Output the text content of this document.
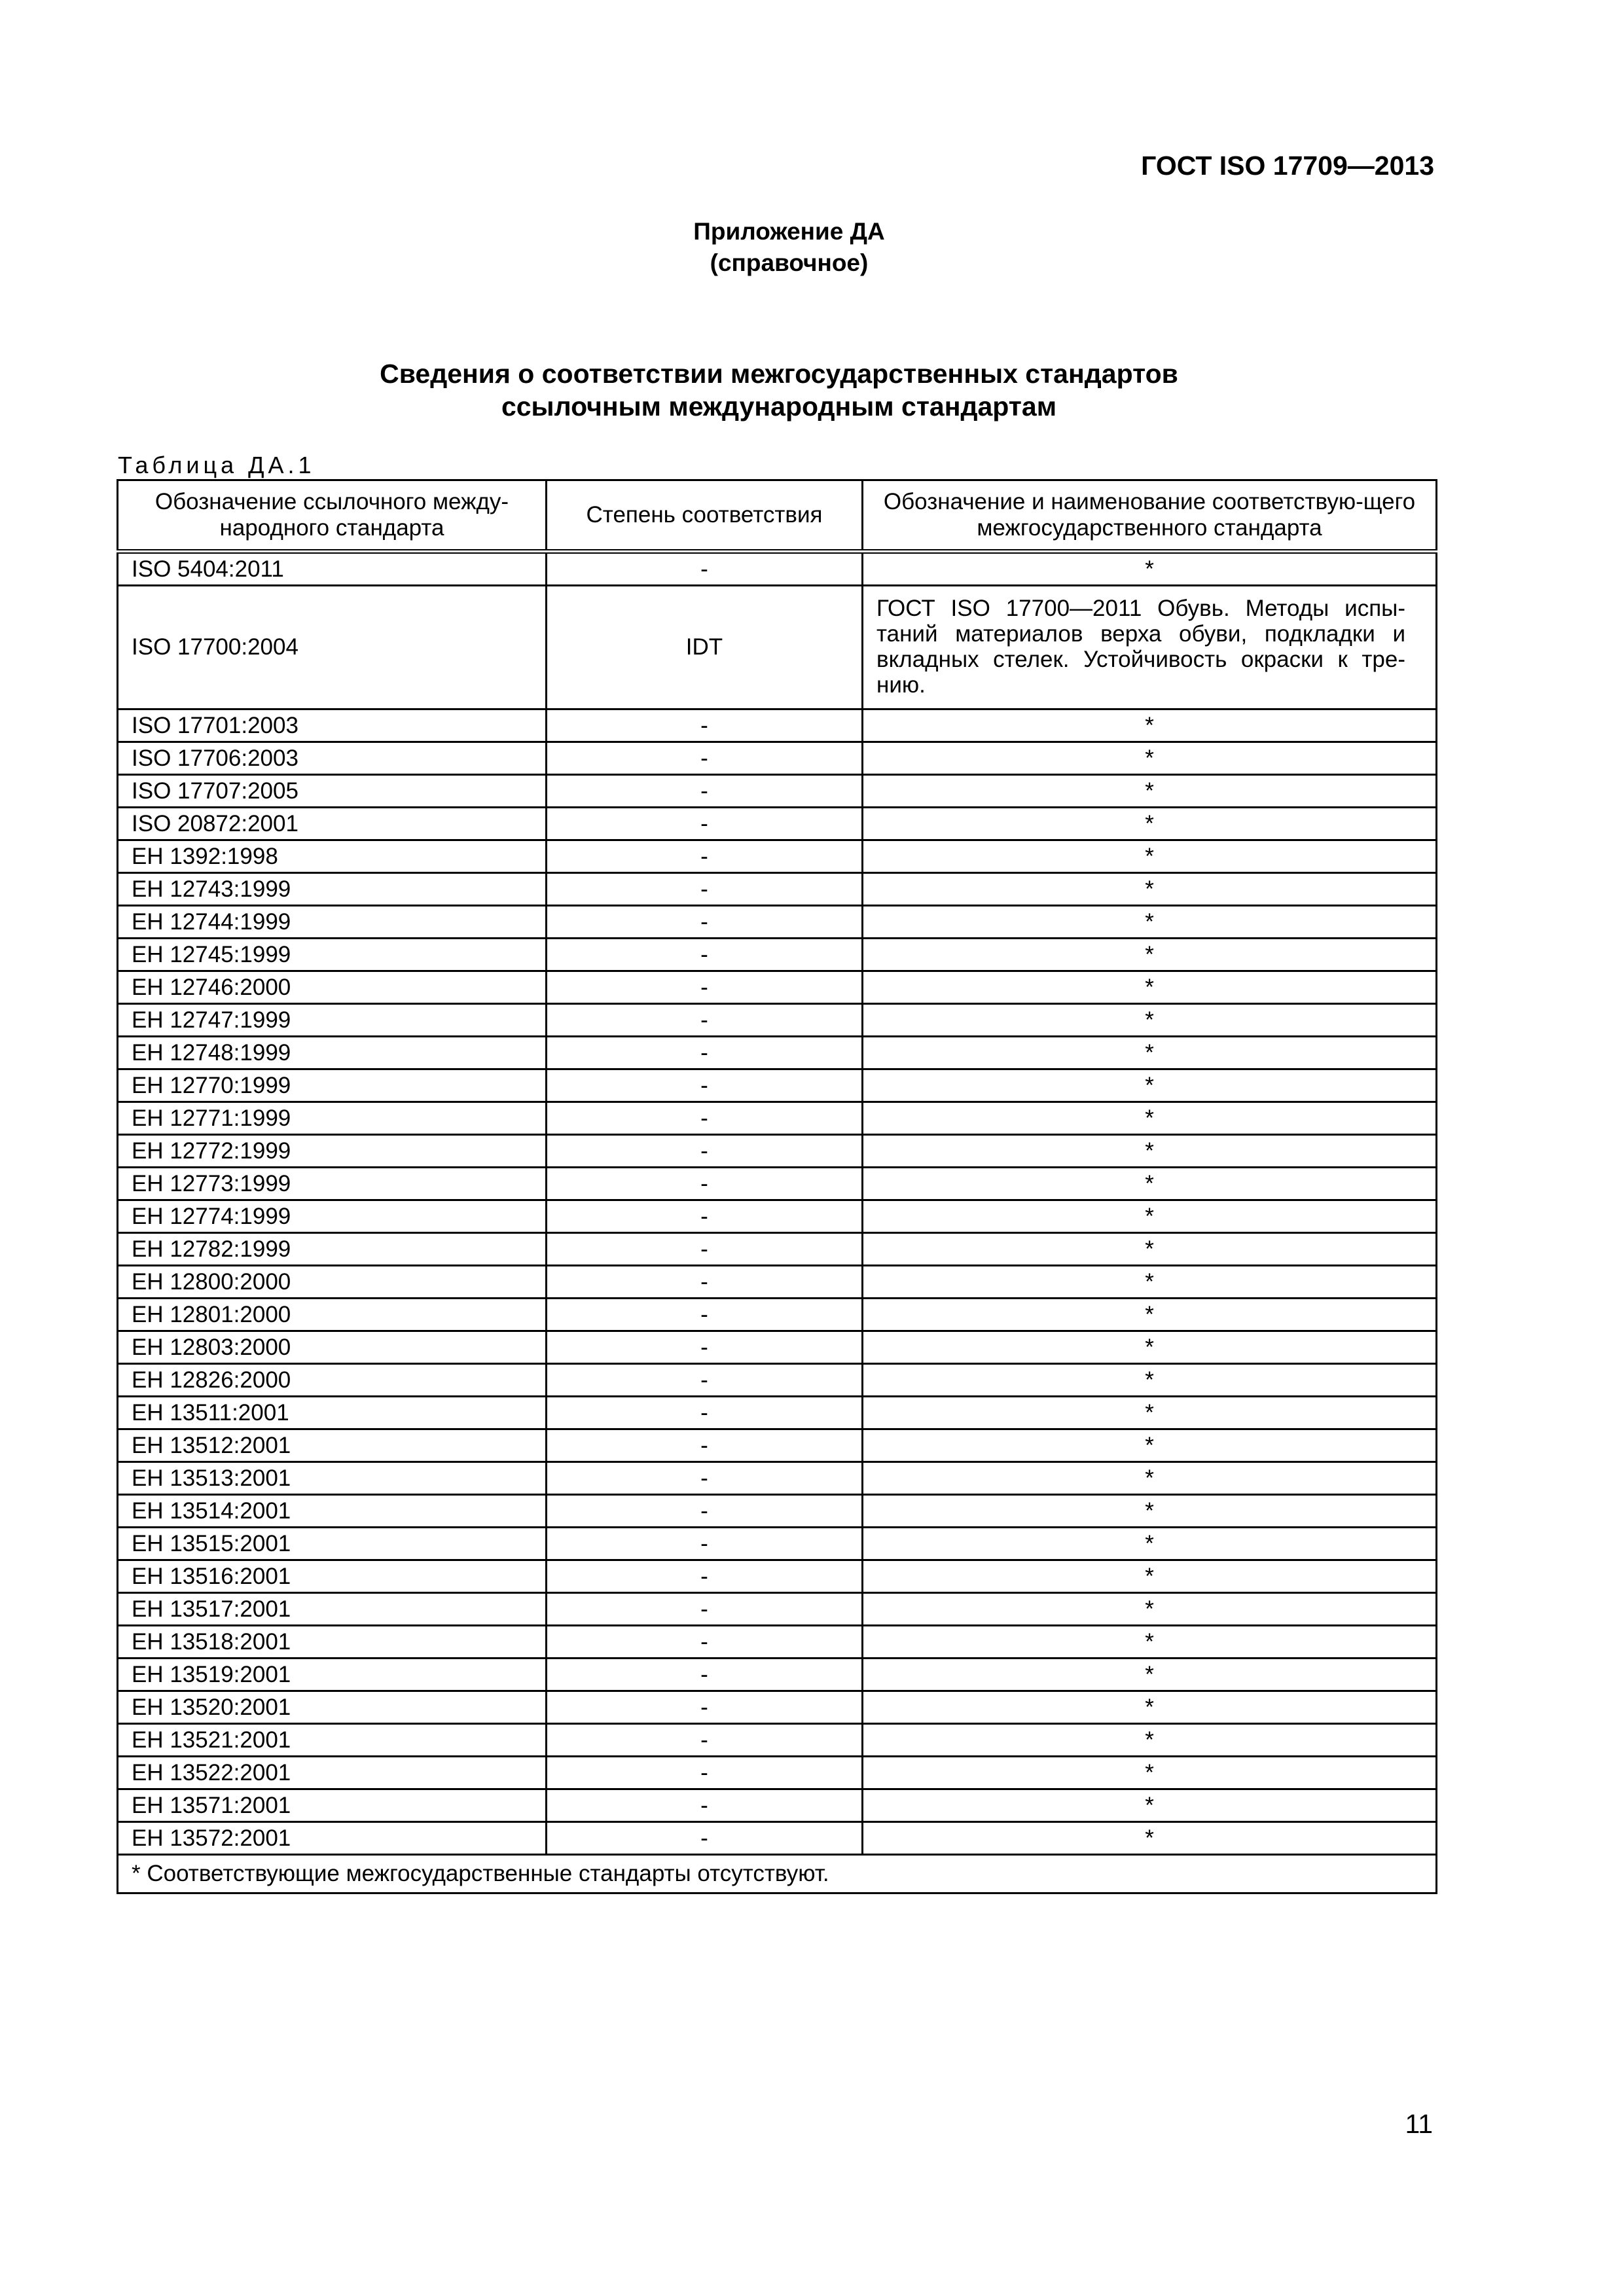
ГОСТ ISO 17709—2013
Приложение ДА
(справочное)
Сведения о соответствии межгосударственных стандартов
ссылочным международным стандартам
Таблица ДА.1
Обозначение ссылочного между-народного стандарта	Степень соответствия	Обозначение и наименование соответствую-щего межгосударственного стандарта
ISO 5404:2011	-	*
ISO 17700:2004	IDT	ГОСТ ISO 17700—2011 Обувь. Методы испы-таний материалов верха обуви, подкладки и вкладных стелек. Устойчивость окраски к тре-нию.
ISO 17701:2003	-	*
ISO 17706:2003	-	*
ISO 17707:2005	-	*
ISO 20872:2001	-	*
ЕН 1392:1998	-	*
ЕН 12743:1999	-	*
ЕН 12744:1999	-	*
ЕН 12745:1999	-	*
ЕН 12746:2000	-	*
ЕН 12747:1999	-	*
ЕН 12748:1999	-	*
ЕН 12770:1999	-	*
ЕН 12771:1999	-	*
ЕН 12772:1999	-	*
ЕН 12773:1999	-	*
ЕН 12774:1999	-	*
ЕН 12782:1999	-	*
ЕН 12800:2000	-	*
ЕН 12801:2000	-	*
ЕН 12803:2000	-	*
ЕН 12826:2000	-	*
ЕН 13511:2001	-	*
ЕН 13512:2001	-	*
ЕН 13513:2001	-	*
ЕН 13514:2001	-	*
ЕН 13515:2001	-	*
ЕН 13516:2001	-	*
ЕН 13517:2001	-	*
ЕН 13518:2001	-	*
ЕН 13519:2001	-	*
ЕН 13520:2001	-	*
ЕН 13521:2001	-	*
ЕН 13522:2001	-	*
ЕН 13571:2001	-	*
ЕН 13572:2001	-	*
* Соответствующие межгосударственные стандарты отсутствуют.		
11
